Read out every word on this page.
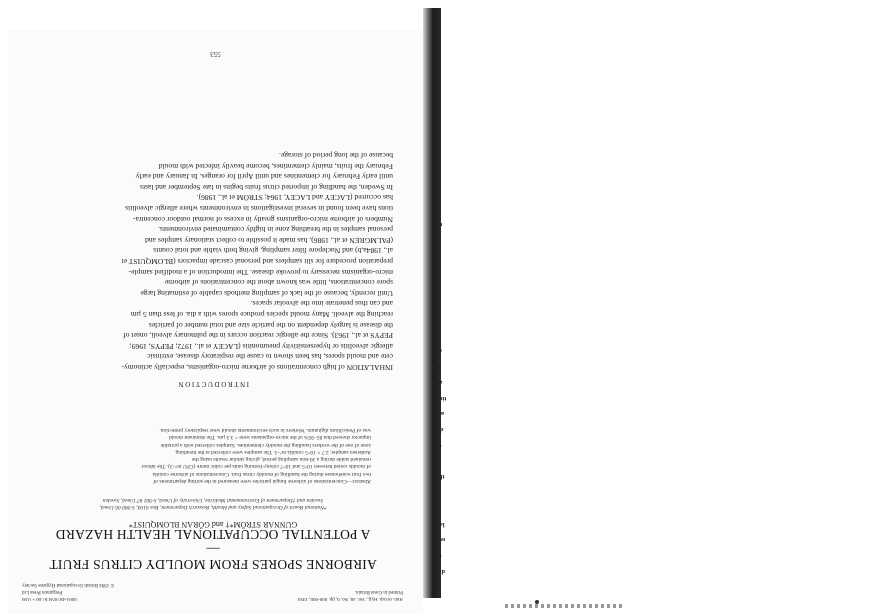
Ann. occup. Hyg., Vol. 38, No. 6, pp. 000-000, 1994
Printed in Great Britain.
0003-4878/94 $7.00 + 0.00
Pergamon Press Ltd
© 1994 British Occupational Hygiene Society
AIRBORNE SPORES FROM MOULDY CITRUS FRUIT—
A POTENTIAL OCCUPATIONAL HEALTH HAZARD
GUNNAR STRÖM*† and GÖRAN BLOMQUIST*
*National Board of Occupational Safety and Health, Research Department, Box 6104, S-900 06 Umeå,
Sweden and †Department of Environmental Medicine, University of Umeå, S-901 87 Umeå, Sweden
Abstract—Concentrations of airborne fungal particles were measured in the sorting departments of
two fruit warehouses during the handling of mouldy citrus fruit. Concentrations of airborne conidia
of moulds varied between 10^5 and 10^7 colony-forming units per cubic metre (CFU m^-3). The labour
remained stable during a 30-min sampling period, giving similar results using the
Andersen sampler, 2.7 × 10^5 conidia m^-3. The samples were collected at the breathing
zone of one of the workers handling the mouldy clementines. Samples collected with a portable
impactor showed that 85–95% of the micro-organisms were < 3.3 µm. The dominant mould
was of Penicillium digitatum. Workers in such environments should wear respiratory protection.
INTRODUCTION
INHALATION of high concentrations of airborne micro-organisms, especially actinomy-
cete and mould spores, has been shown to cause the respiratory disease, extrinsic
allergic alveolitis or hypersensitivity pneumonitis (LACEY et al., 1972; PEPYS, 1969;
PEPYS et al., 1963). Since the allergic reaction occurs in the pulmonary alveoli, onset of
the disease is largely dependent on the particle size and total number of particles
reaching the alveoli. Many mould species produce spores with a dia. of less than 5 µm
and can thus penetrate into the alveolar spaces.
Until recently, because of the lack of sampling methods capable of estimating large
spore concentrations, little was known about the concentrations of airborne
micro-organisms necessary to provoke disease. The introduction of a modified sample-
preparation procedure for slit samplers and personal cascade impactors (BLOMQUIST et
al., 1984a,b) and Nuclepore filter sampling, giving both viable and total counts
(PALMGREN et al., 1986), has made it possible to collect stationary samples and
personal samples in the breathing zone in highly contaminated environments.
Numbers of airborne micro-organisms greatly in excess of normal outdoor concentra-
tions have been found in several investigations in environments where allergic alveolitis
has occurred (LACEY and LACEY, 1964; STRÖM et al., 1986).
In Sweden, the handling of imported citrus fruits begins in late September and lasts
until early February for clementines and until April for oranges. In January and early
February the fruits, mainly clementines, become heavily infected with mould
because of the long period of storage.
553
d on
the
ours
lard
all
cly
ther
ce
the
don
alve
tions
zed
ml
ore
sle
ela
tol
ble
ol
nt
ce
ure
ml
ol
nt
